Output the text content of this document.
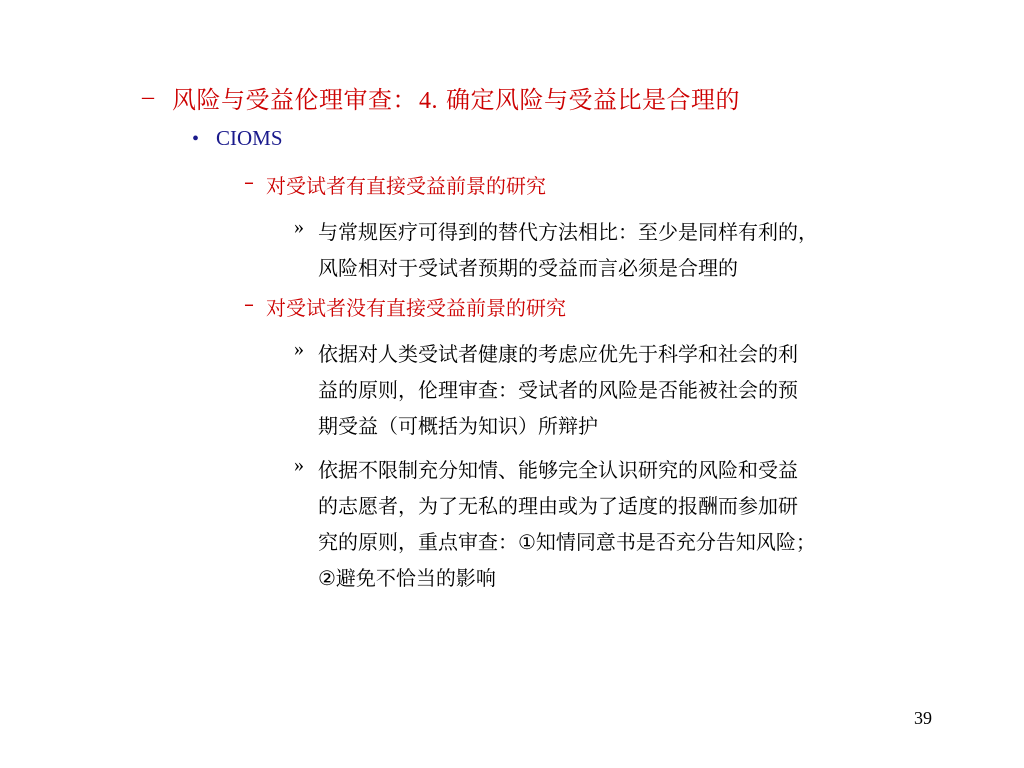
– 风险与受益伦理审查：4. 确定风险与受益比是合理的
• CIOMS
– 对受试者有直接受益前景的研究
» 与常规医疗可得到的替代方法相比：至少是同样有利的，
风险相对于受试者预期的受益而言必须是合理的
– 对受试者没有直接受益前景的研究
» 依据对人类受试者健康的考虑应优先于科学和社会的利
益的原则，伦理审查：受试者的风险是否能被社会的预
期受益（可概括为知识）所辩护
» 依据不限制充分知情、能够完全认识研究的风险和受益
的志愿者，为了无私的理由或为了适度的报酬而参加研
究的原则，重点审查：①知情同意书是否充分告知风险；
②避免不恰当的影响
39
